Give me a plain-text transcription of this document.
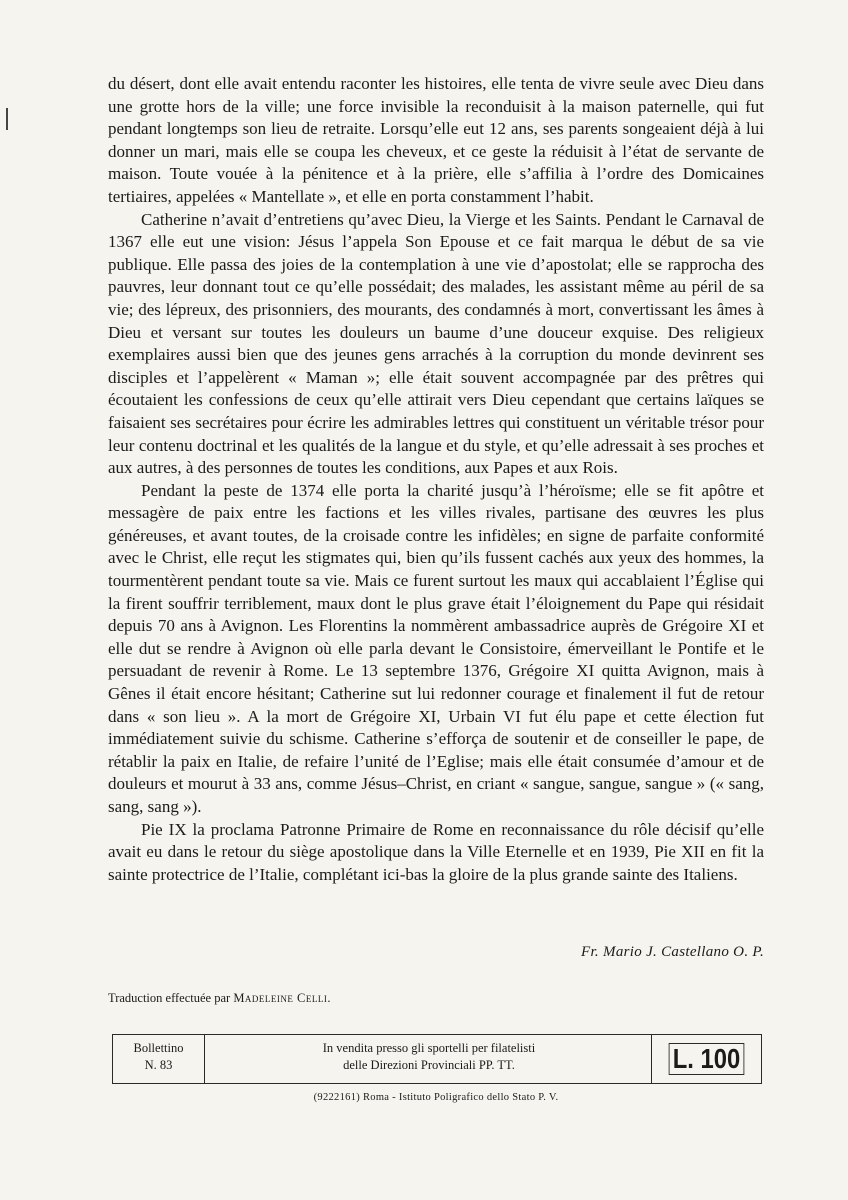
du désert, dont elle avait entendu raconter les histoires, elle tenta de vivre seule avec Dieu dans une grotte hors de la ville; une force invisible la reconduisit à la maison paternelle, qui fut pendant longtemps son lieu de retraite. Lorsqu’elle eut 12 ans, ses parents songeaient déjà à lui donner un mari, mais elle se coupa les cheveux, et ce geste la réduisit à l’état de servante de maison. Toute vouée à la pénitence et à la prière, elle s’affilia à l’ordre des Domicaines tertiaires, appelées « Mantellate », et elle en porta constamment l’habit.

Catherine n’avait d’entretiens qu’avec Dieu, la Vierge et les Saints. Pendant le Carnaval de 1367 elle eut une vision: Jésus l’appela Son Epouse et ce fait marqua le début de sa vie publique. Elle passa des joies de la contemplation à une vie d’apostolat; elle se rapprocha des pauvres, leur donnant tout ce qu’elle possédait; des malades, les assistant même au péril de sa vie; des lépreux, des prisonniers, des mourants, des condamnés à mort, convertissant les âmes à Dieu et versant sur toutes les douleurs un baume d’une douceur exquise. Des religieux exemplaires aussi bien que des jeunes gens arrachés à la corruption du monde devinrent ses disciples et l’appelèrent « Maman »; elle était souvent accompagnée par des prêtres qui écoutaient les confessions de ceux qu’elle attirait vers Dieu cependant que certains laïques se faisaient ses secrétaires pour écrire les admirables lettres qui constituent un véritable trésor pour leur contenu doctrinal et les qualités de la langue et du style, et qu’elle adressait à ses proches et aux autres, à des personnes de toutes les conditions, aux Papes et aux Rois.

Pendant la peste de 1374 elle porta la charité jusqu’à l’héroïsme; elle se fit apôtre et messagère de paix entre les factions et les villes rivales, partisane des œuvres les plus généreuses, et avant toutes, de la croisade contre les infidèles; en signe de parfaite conformité avec le Christ, elle reçut les stigmates qui, bien qu’ils fussent cachés aux yeux des hommes, la tourmentèrent pendant toute sa vie. Mais ce furent surtout les maux qui accablaient l’Église qui la firent souffrir terriblement, maux dont le plus grave était l’éloignement du Pape qui résidait depuis 70 ans à Avignon. Les Florentins la nommèrent ambassadrice auprès de Grégoire XI et elle dut se rendre à Avignon où elle parla devant le Consistoire, émerveillant le Pontife et le persuadant de revenir à Rome. Le 13 septembre 1376, Grégoire XI quitta Avignon, mais à Gênes il était encore hésitant; Catherine sut lui redonner courage et finalement il fut de retour dans « son lieu ». A la mort de Grégoire XI, Urbain VI fut élu pape et cette élection fut immédiatement suivie du schisme. Catherine s’efforça de soutenir et de conseiller le pape, de rétablir la paix en Italie, de refaire l’unité de l’Eglise; mais elle était consumée d’amour et de douleurs et mourut à 33 ans, comme Jésus–Christ, en criant « sangue, sangue, sangue » (« sang, sang, sang »).

Pie IX la proclama Patronne Primaire de Rome en reconnaissance du rôle décisif qu’elle avait eu dans le retour du siège apostolique dans la Ville Eternelle et en 1939, Pie XII en fit la sainte protectrice de l’Italie, complétant ici-bas la gloire de la plus grande sainte des Italiens.

Fr. Mario J. Castellano O. P.
Traduction effectuée par Madeleine Celli.
Bollettino
N. 83
In vendita presso gli sportelli per filatelisti
delle Direzioni Provinciali PP. TT.	L. 100
(9222161) Roma - Istituto Poligrafico dello Stato P. V.
